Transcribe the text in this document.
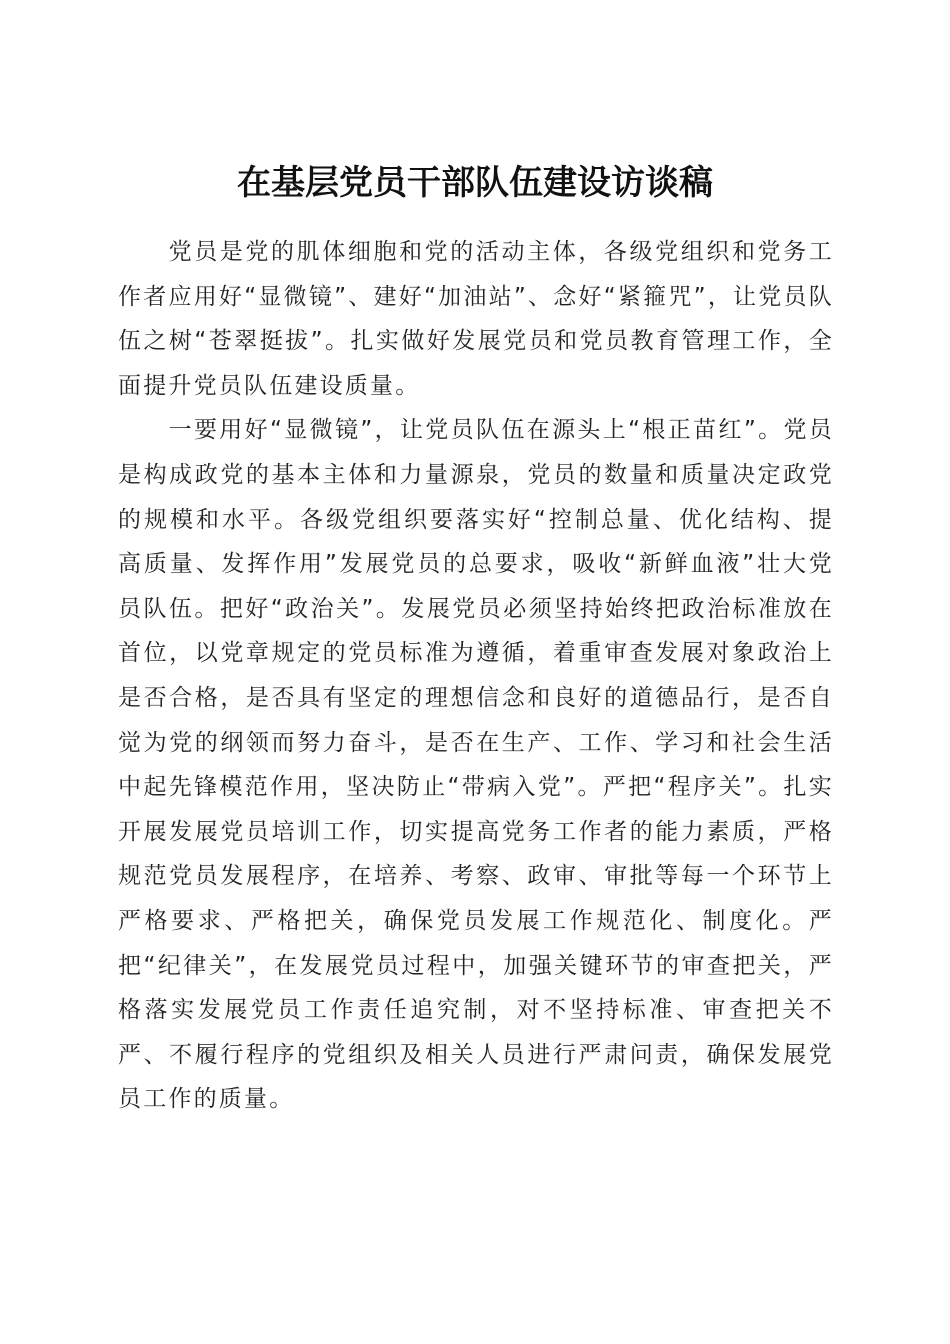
在基层党员干部队伍建设访谈稿

党员是党的肌体细胞和党的活动主体，各级党组织和党务工作者应用好“显微镜”、建好“加油站”、念好“紧箍咒”，让党员队伍之树“苍翠挺拔”。扎实做好发展党员和党员教育管理工作，全面提升党员队伍建设质量。

一要用好“显微镜”，让党员队伍在源头上“根正苗红”。党员是构成政党的基本主体和力量源泉，党员的数量和质量决定政党的规模和水平。各级党组织要落实好“控制总量、优化结构、提高质量、发挥作用”发展党员的总要求，吸收“新鲜血液”壮大党员队伍。把好“政治关”。发展党员必须坚持始终把政治标准放在首位，以党章规定的党员标准为遵循，着重审查发展对象政治上是否合格，是否具有坚定的理想信念和良好的道德品行，是否自觉为党的纲领而努力奋斗，是否在生产、工作、学习和社会生活中起先锋模范作用，坚决防止“带病入党”。严把“程序关”。扎实开展发展党员培训工作，切实提高党务工作者的能力素质，严格规范党员发展程序，在培养、考察、政审、审批等每一个环节上严格要求、严格把关，确保党员发展工作规范化、制度化。严把“纪律关”，在发展党员过程中，加强关键环节的审查把关，严格落实发展党员工作责任追究制，对不坚持标准、审查把关不严、不履行程序的党组织及相关人员进行严肃问责，确保发展党员工作的质量。
